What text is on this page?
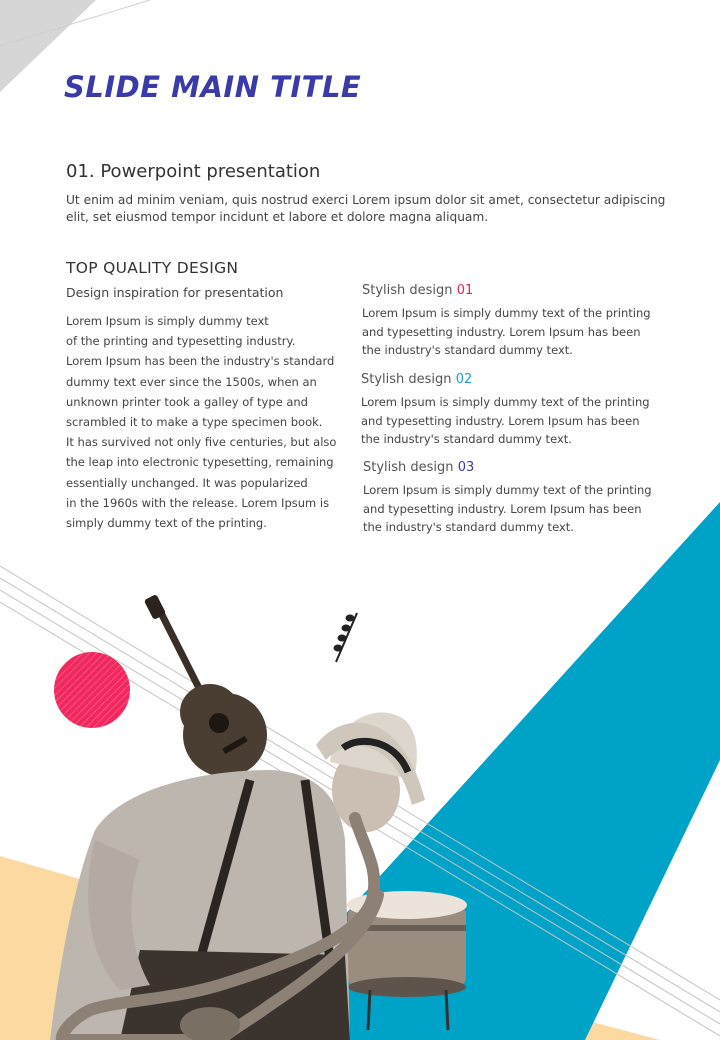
SLIDE MAIN TITLE
01. Powerpoint presentation
Ut enim ad minim veniam, quis nostrud exerci Lorem ipsum dolor sit amet, consectetur adipiscing elit, set eiusmod tempor incidunt et labore et dolore magna aliquam.
TOP QUALITY DESIGN
Design inspiration for presentation
Lorem Ipsum is simply dummy text
of the printing and typesetting industry.
Lorem Ipsum has been the industry's standard
dummy text ever since the 1500s, when an
unknown printer took a galley of type and
scrambled it to make a type specimen book.
It has survived not only five centuries, but also
the leap into electronic typesetting, remaining
essentially unchanged. It was popularized
in the 1960s with the release. Lorem Ipsum is
simply dummy text of the printing.
Stylish design 01
Lorem Ipsum is simply dummy text of the printing
and typesetting industry. Lorem Ipsum has been
the industry's standard dummy text.
Stylish design 02
Lorem Ipsum is simply dummy text of the printing
and typesetting industry. Lorem Ipsum has been
the industry's standard dummy text.
Stylish design 03
Lorem Ipsum is simply dummy text of the printing
and typesetting industry. Lorem Ipsum has been
the industry's standard dummy text.
